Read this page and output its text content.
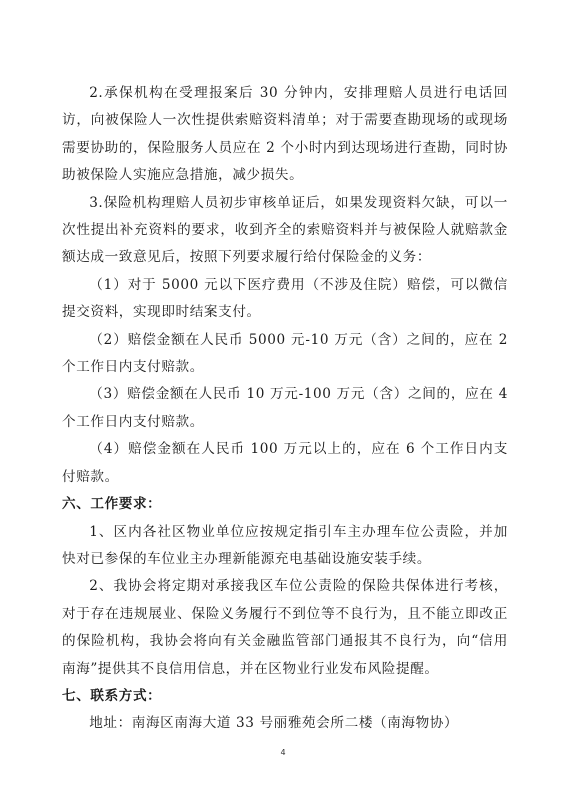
2.承保机构在受理报案后 30 分钟内，安排理赔人员进行电话回访，向被保险人一次性提供索赔资料清单；对于需要查勘现场的或现场需要协助的，保险服务人员应在 2 个小时内到达现场进行查勘，同时协助被保险人实施应急措施，减少损失。

3.保险机构理赔人员初步审核单证后，如果发现资料欠缺，可以一次性提出补充资料的要求，收到齐全的索赔资料并与被保险人就赔款金额达成一致意见后，按照下列要求履行给付保险金的义务：

（1）对于 5000 元以下医疗费用（不涉及住院）赔偿，可以微信提交资料，实现即时结案支付。

（2）赔偿金额在人民币 5000 元-10 万元（含）之间的，应在 2 个工作日内支付赔款。

（3）赔偿金额在人民币 10 万元-100 万元（含）之间的，应在 4 个工作日内支付赔款。

（4）赔偿金额在人民币 100 万元以上的，应在 6 个工作日内支付赔款。

六、工作要求：

1、区内各社区物业单位应按规定指引车主办理车位公责险，并加快对已参保的车位业主办理新能源充电基础设施安装手续。

2、我协会将定期对承接我区车位公责险的保险共保体进行考核，对于存在违规展业、保险义务履行不到位等不良行为，且不能立即改正的保险机构，我协会将向有关金融监管部门通报其不良行为，向“信用南海”提供其不良信用信息，并在区物业行业发布风险提醒。

七、联系方式：

地址：南海区南海大道 33 号丽雅苑会所二楼（南海物协）

4
